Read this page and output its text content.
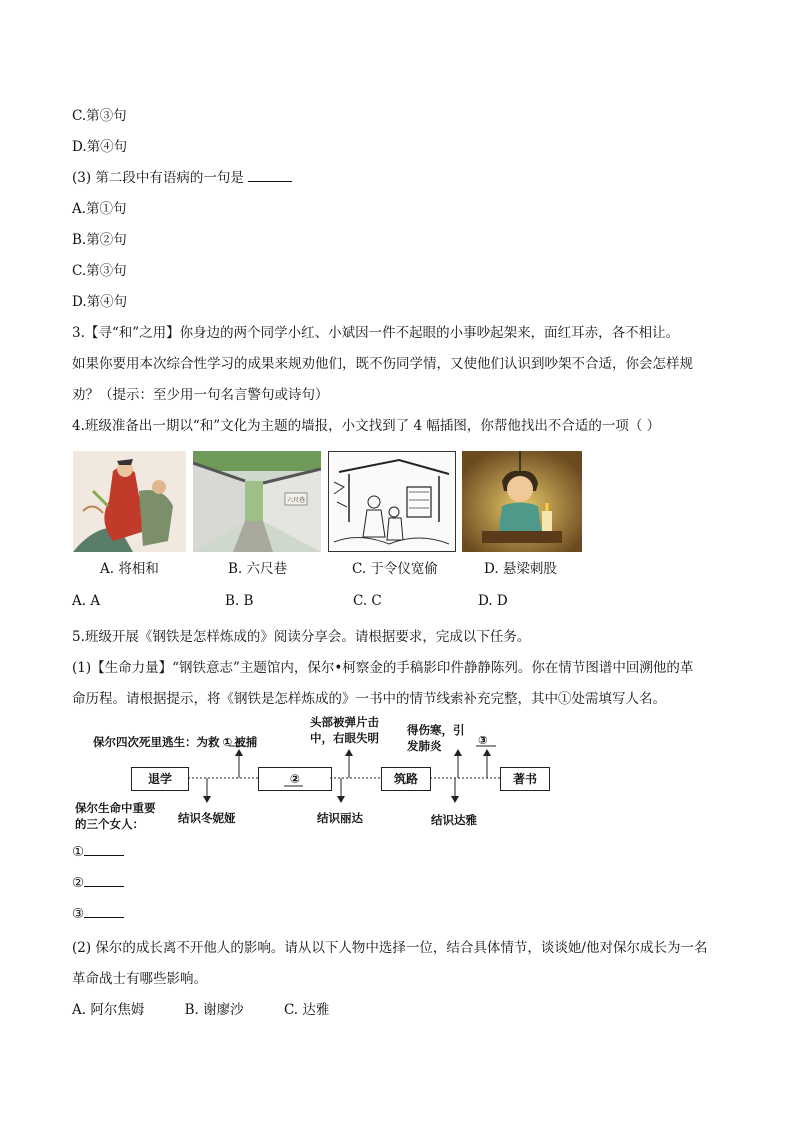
C.第③句
D.第④句
(3) 第二段中有语病的一句是
A.第①句
B.第②句
C.第③句
D.第④句
3.【寻“和”之用】你身边的两个同学小红、小斌因一件不起眼的小事吵起架来，面红耳赤，各不相让。
如果你要用本次综合性学习的成果来规劝他们，既不伤同学情，又使他们认识到吵架不合适，你会怎样规
劝？（提示：至少用一句名言警句或诗句）
4.班级准备出一期以“和”文化为主题的墙报，小文找到了 4 幅插图，你帮他找出不合适的一项（ ）
六尺巷
A. 将相和	B. 六尺巷	C. 于令仪宽偷	D. 悬梁刺股
A. A	B. B	C. C	D. D
5.班级开展《钢铁是怎样炼成的》阅读分享会。请根据要求，完成以下任务。
(1)【生命力量】“钢铁意志”主题馆内，保尔•柯察金的手稿影印件静静陈列。你在情节图谱中回溯他的革
命历程。请根据提示，将《钢铁是怎样炼成的》一书中的情节线索补充完整，其中①处需填写人名。
保尔四次死里逃生：为救 ① 被捕
头部被弹片击
中，右眼失明
得伤寒，引
发肺炎	③
退学	②	筑路	著书
保尔生命中重要
的三个女人：	结识冬妮娅	结识丽达	结识达雅
①
②
③
(2) 保尔的成长离不开他人的影响。请从以下人物中选择一位，结合具体情节，谈谈她/他对保尔成长为一名
革命战士有哪些影响。
A. 阿尔焦姆	B. 谢廖沙	C. 达雅
